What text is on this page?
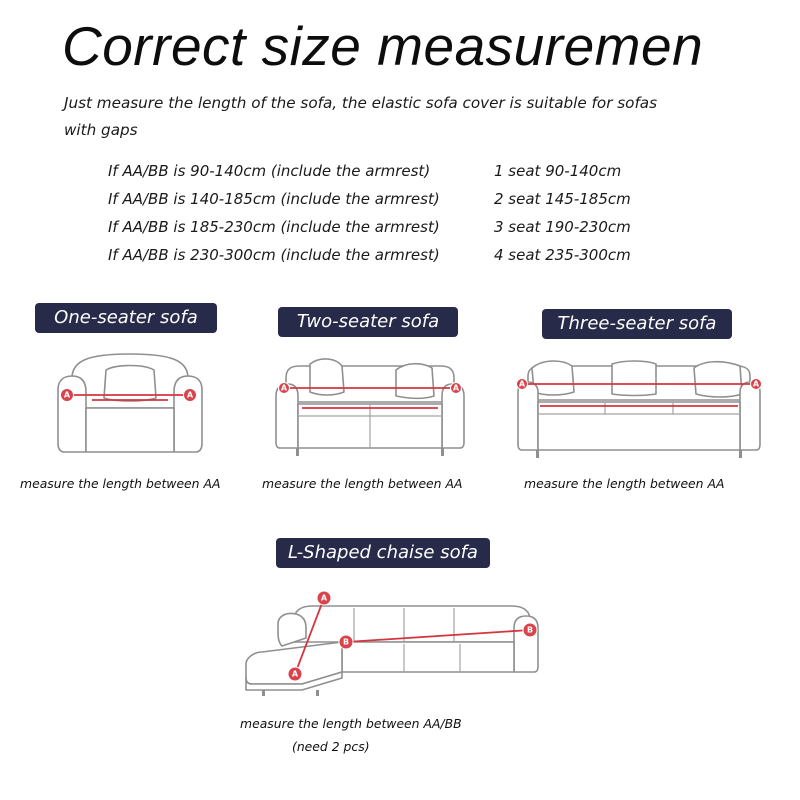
Correct size measuremen
Just measure the length of the sofa, the elastic sofa cover is suitable for sofas
with gaps
If AA/BB is 90-140cm (include the armrest)	1 seat 90-140cm
If AA/BB is 140-185cm (include the armrest)	2 seat 145-185cm
If AA/BB is 185-230cm (include the armrest)	3 seat 190-230cm
If AA/BB is 230-300cm (include the armrest)	4 seat 235-300cm
One-seater sofa
A	A
measure the length between AA
Two-seater sofa
A	A
measure the length between AA
Three-seater sofa
A	A
measure the length between AA
L-Shaped chaise sofa
A
A
B
B
measure the length between AA/BB
(need 2 pcs)
